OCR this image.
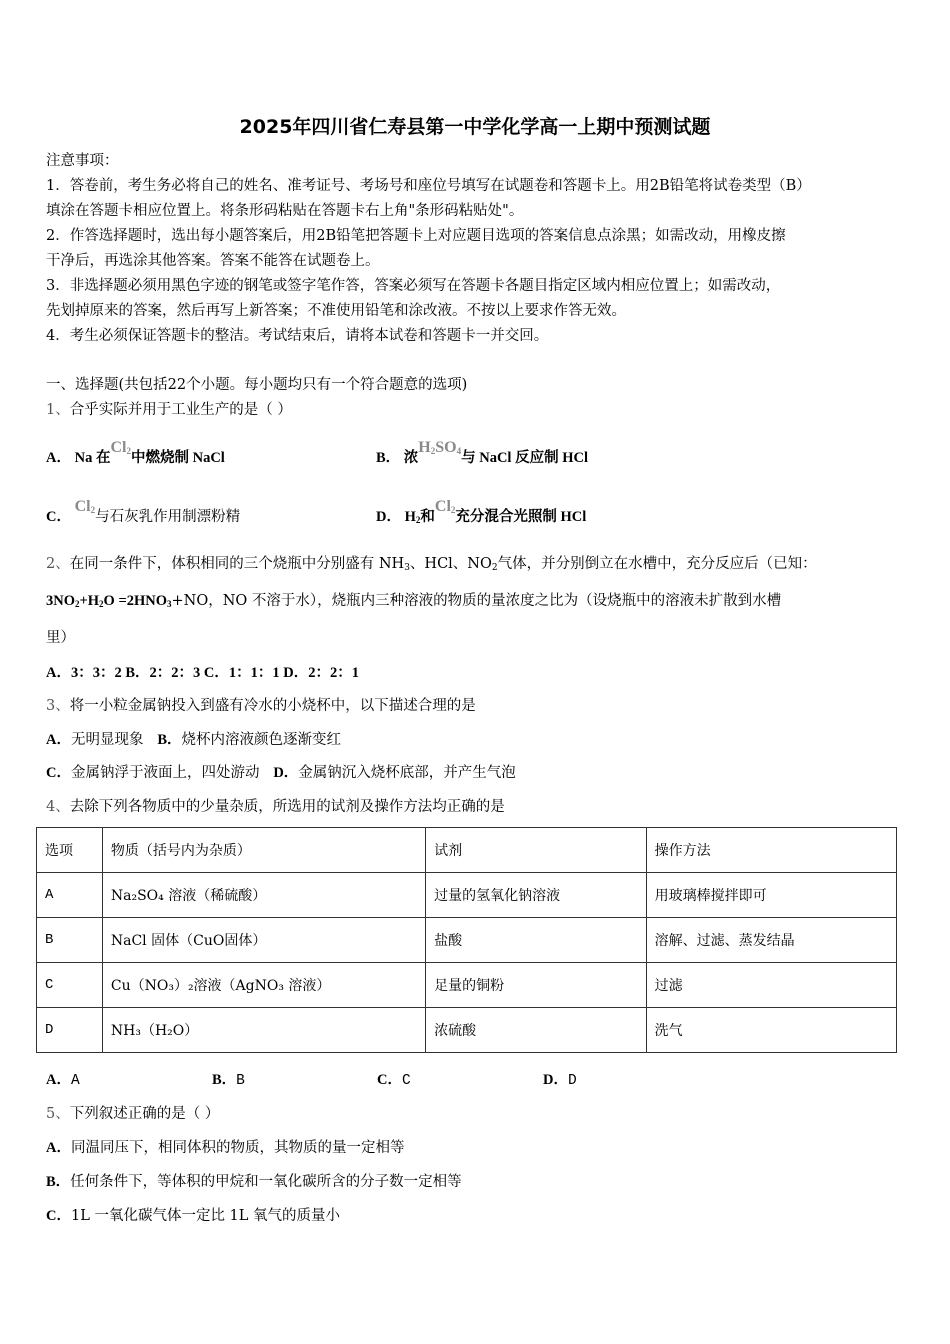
2025年四川省仁寿县第一中学化学高一上期中预测试题
注意事项：
1．答卷前，考生务必将自己的姓名、准考证号、考场号和座位号填写在试题卷和答题卡上。用2B铅笔将试卷类型（B）
填涂在答题卡相应位置上。将条形码粘贴在答题卡右上角"条形码粘贴处"。
2．作答选择题时，选出每小题答案后，用2B铅笔把答题卡上对应题目选项的答案信息点涂黑；如需改动，用橡皮擦
干净后，再选涂其他答案。答案不能答在试题卷上。
3．非选择题必须用黑色字迹的钢笔或签字笔作答，答案必须写在答题卡各题目指定区域内相应位置上；如需改动，
先划掉原来的答案，然后再写上新答案；不准使用铅笔和涂改液。不按以上要求作答无效。
4．考生必须保证答题卡的整洁。考试结束后，请将本试卷和答题卡一并交回。
一、选择题(共包括22个小题。每小题均只有一个符合题意的选项)
1、合乎实际并用于工业生产的是（ ）
A． Na 在$Cl_2$中燃烧制 NaCl	B． 浓$H_2SO_4$与 NaCl 反应制 HCl
C． $Cl_2$与石灰乳作用制漂粉精	D． $H_2$和$Cl_2$充分混合光照制 HCl
2、在同一条件下，体积相同的三个烧瓶中分别盛有 $NH_3$、HCl、$NO_2$气体，并分别倒立在水槽中，充分反应后（已知：
$3NO_2+H_2O =2HNO_3+NO$，NO 不溶于水），烧瓶内三种溶液的物质的量浓度之比为（设烧瓶中的溶液未扩散到水槽
里）
A．3：3：2 B．2：2：3 C．1：1：1 D．2：2：1
3、将一小粒金属钠投入到盛有冷水的小烧杯中，以下描述合理的是
A．无明显现象 B．烧杯内溶液颜色逐渐变红
C．金属钠浮于液面上，四处游动 D．金属钠沉入烧杯底部，并产生气泡
4、去除下列各物质中的少量杂质，所选用的试剂及操作方法均正确的是
选项	物质（括号内为杂质）	试剂	操作方法
A	Na₂SO₄ 溶液（稀硫酸）	过量的氢氧化钠溶液	用玻璃棒搅拌即可
B	NaCl 固体（CuO固体）	盐酸	溶解、过滤、蒸发结晶
C	Cu（NO₃）₂溶液（AgNO₃ 溶液）	足量的铜粉	过滤
D	NH₃（H₂O）	浓硫酸	洗气
A．A	B．B	C．C	D．D
5、下列叙述正确的是（ ）
A．同温同压下，相同体积的物质，其物质的量一定相等
B．任何条件下，等体积的甲烷和一氧化碳所含的分子数一定相等
C．1L 一氧化碳气体一定比 1L 氧气的质量小
